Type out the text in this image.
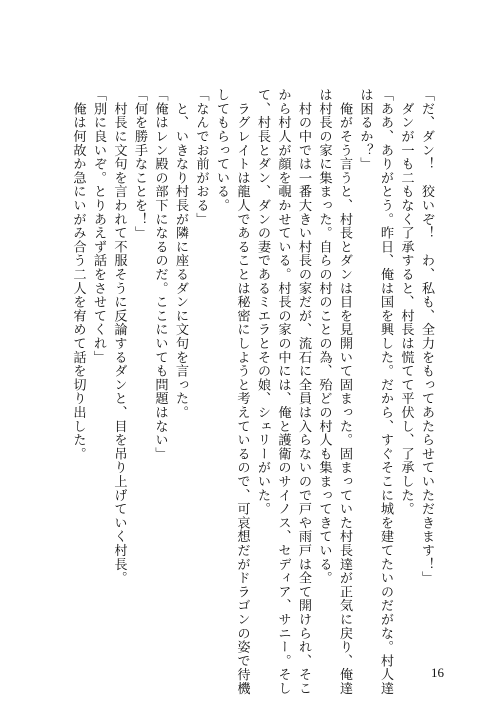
「だ、ダン！　狡いぞ！　わ、私も、全力をもってあたらせていただきます！」
　ダンが一も二もなく了承すると、村長は慌てて平伏し、了承した。
「ああ、ありがとう。昨日、俺は国を興した。だから、すぐそこに城を建てたいのだがな。村人達
は困るか？」
　俺がそう言うと、村長とダンは目を見開いて固まった。固まっていた村長達が正気に戻り、俺達
は村長の家に集まった。自らの村のことの為、殆どの村人も集まってきている。
　村の中では一番大きい村長の家だが、流石に全員は入らないので戸や雨戸は全て開けられ、そこ
から村人が顔を覗かせている。村長の家の中には、俺と護衛のサイノス、セディア、サニー。そし
て、村長とダン、ダンの妻であるミエラとその娘、シェリーがいた。
　ラグレイトは龍人であることは秘密にしようと考えているので、可哀想だがドラゴンの姿で待機
してもらっている。
「なんでお前がおる」
　と、いきなり村長が隣に座るダンに文句を言った。
「俺はレン殿の部下になるのだ。ここにいても問題はない」
「何を勝手なことを！」
　村長に文句を言われて不服そうに反論するダンと、目を吊り上げていく村長。
「別に良いぞ。とりあえず話をさせてくれ」
　俺は何故か急にいがみ合う二人を宥めて話を切り出した。
16
